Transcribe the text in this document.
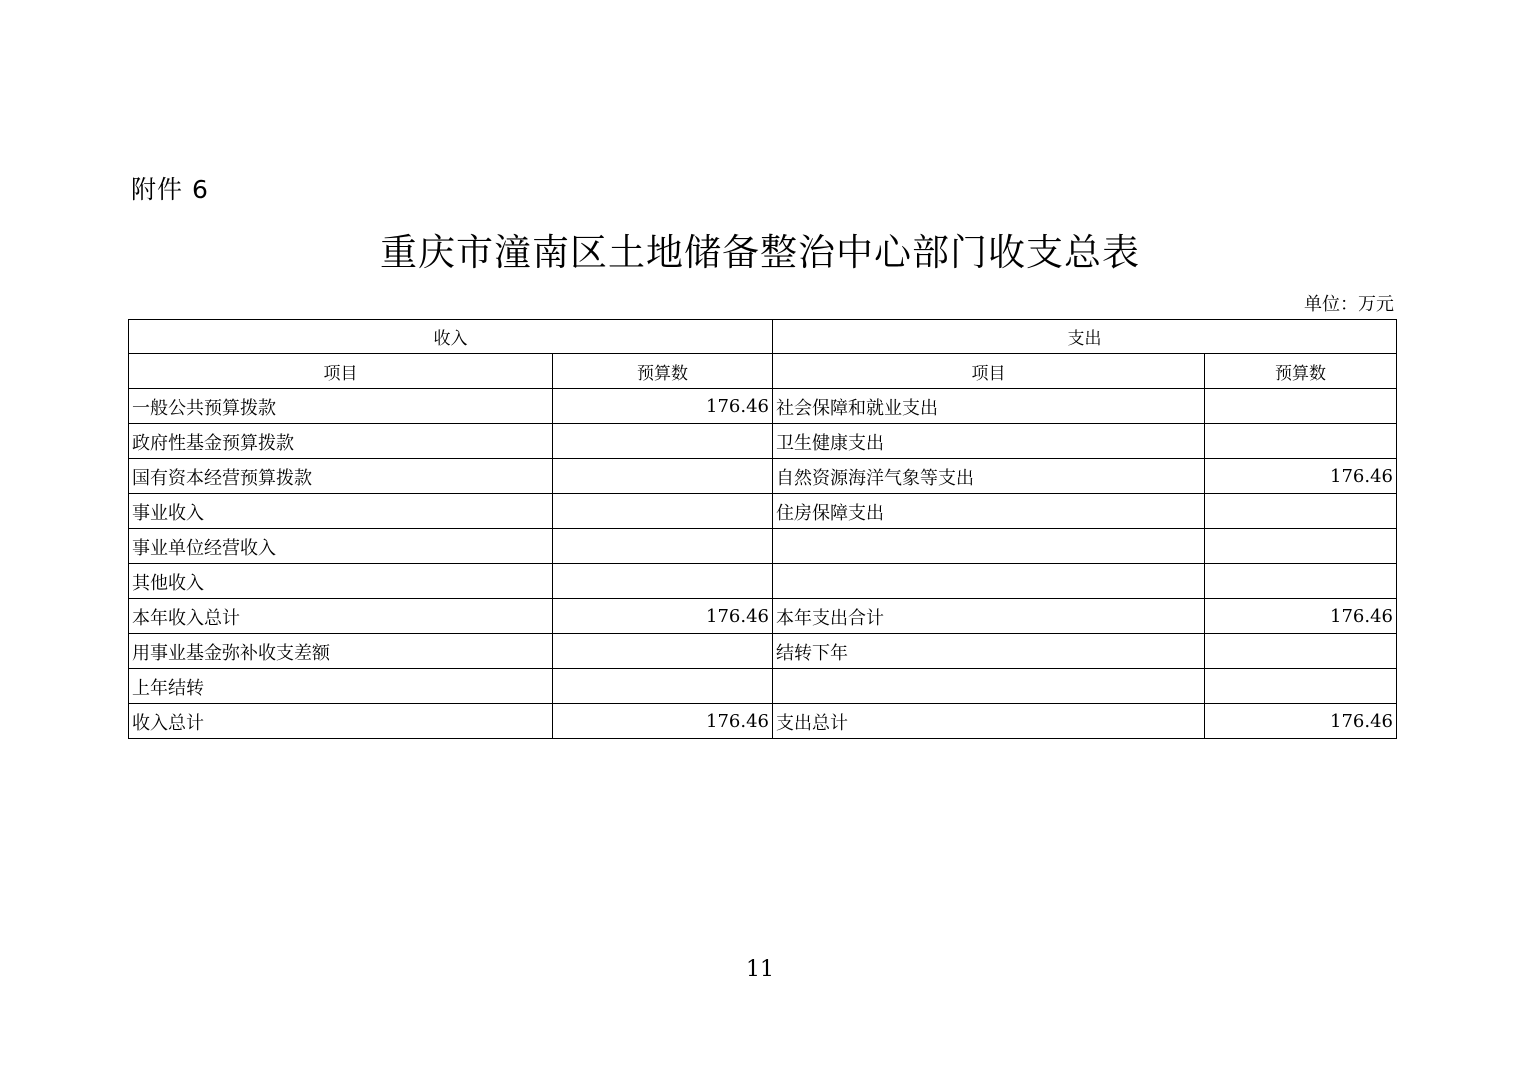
附件 6
重庆市潼南区土地储备整治中心部门收支总表
单位：万元
收入		支出	
项目	预算数	项目	预算数
一般公共预算拨款	176.46	社会保障和就业支出	
政府性基金预算拨款		卫生健康支出	
国有资本经营预算拨款		自然资源海洋气象等支出	176.46
事业收入		住房保障支出	
事业单位经营收入			
其他收入			
本年收入总计	176.46	本年支出合计	176.46
用事业基金弥补收支差额		结转下年	
上年结转			
收入总计	176.46	支出总计	176.46
11
